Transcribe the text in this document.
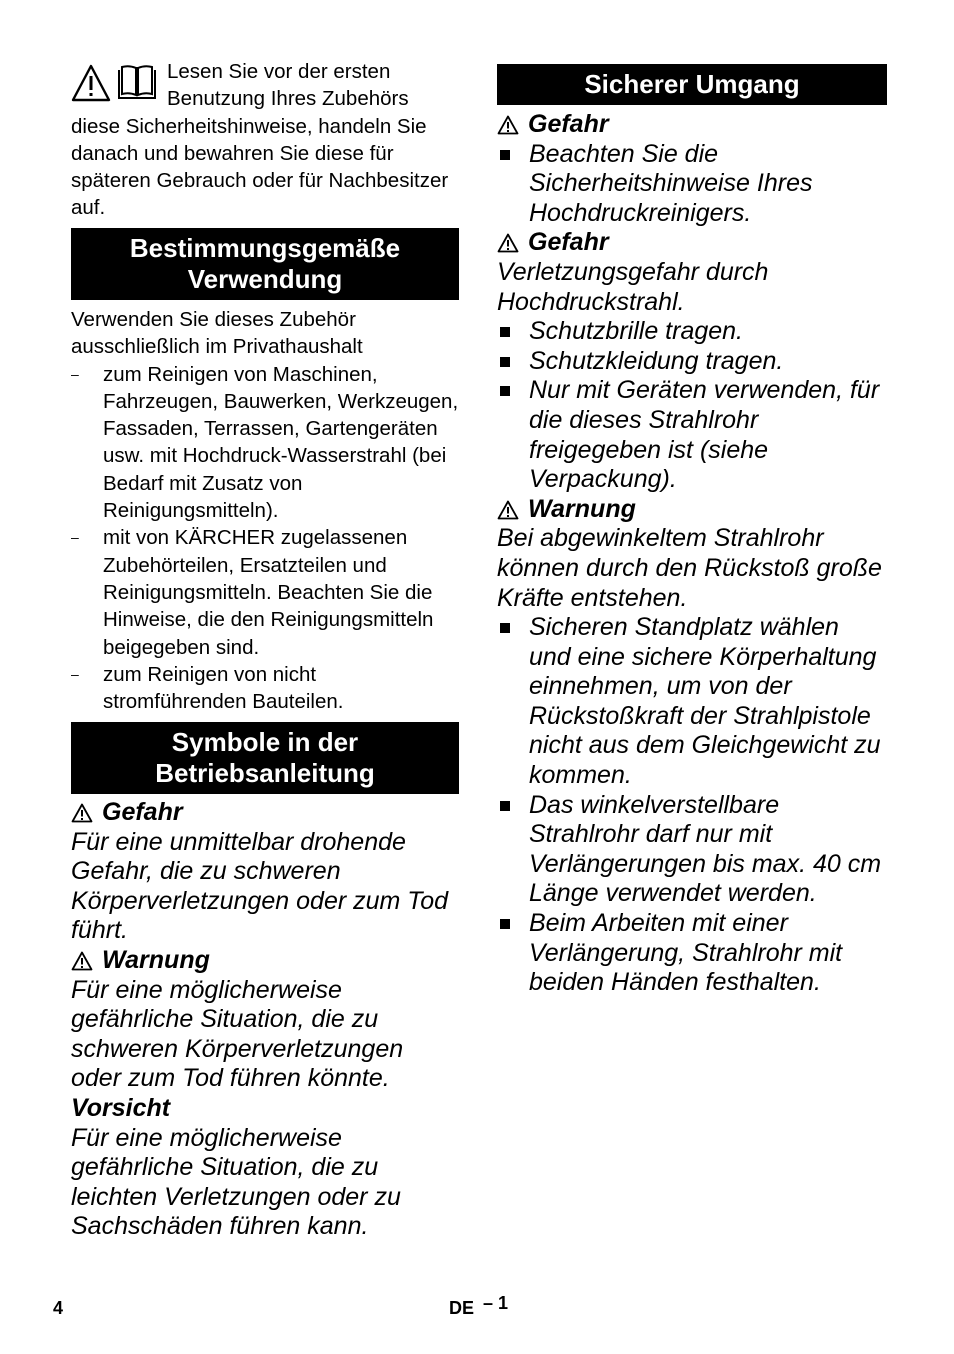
Lesen Sie vor der ersten Benutzung Ihres Zubehörs diese Sicherheitshinweise, handeln Sie danach und bewahren Sie diese für späteren Gebrauch oder für Nachbesitzer auf.
Bestimmungsgemäße
Verwendung
Verwenden Sie dieses Zubehör ausschließlich im Privathaushalt
– zum Reinigen von Maschinen, Fahrzeugen, Bauwerken, Werkzeugen, Fassaden, Terrassen, Gartengeräten usw. mit Hochdruck-Wasserstrahl (bei Bedarf mit Zusatz von Reinigungsmitteln).
– mit von KÄRCHER zugelassenen Zubehörteilen, Ersatzteilen und Reinigungsmitteln. Beachten Sie die Hinweise, die den Reinigungsmitteln beigegeben sind.
– zum Reinigen von nicht stromführenden Bauteilen.
Symbole in der
Betriebsanleitung
Gefahr

Für eine unmittelbar drohende Gefahr, die zu schweren Körperverletzungen oder zum Tod führt.

Warnung

Für eine möglicherweise gefährliche Situation, die zu schweren Körperverletzungen oder zum Tod führen könnte.

Vorsicht

Für eine möglicherweise gefährliche Situation, die zu leichten Verletzungen oder zu Sachschäden führen kann.

Sicherer Umgang
Gefahr
Beachten Sie die Sicherheitshinweise Ihres Hochdruckreinigers.
Gefahr

Verletzungsgefahr durch Hochdruckstrahl.

Schutzbrille tragen.
Schutzkleidung tragen.
Nur mit Geräten verwenden, für die dieses Strahlrohr freigegeben ist (siehe Verpackung).
Warnung

Bei abgewinkeltem Strahlrohr können durch den Rückstoß große Kräfte entstehen.

Sicheren Standplatz wählen und eine sichere Körperhaltung einnehmen, um von der Rückstoßkraft der Strahlpistole nicht aus dem Gleichgewicht zu kommen.
Das winkelverstellbare Strahlrohr darf nur mit Verlängerungen bis max. 40 cm Länge verwendet werden.
Beim Arbeiten mit einer Verlängerung, Strahlrohr mit beiden Händen festhalten.
4	DE – 1
